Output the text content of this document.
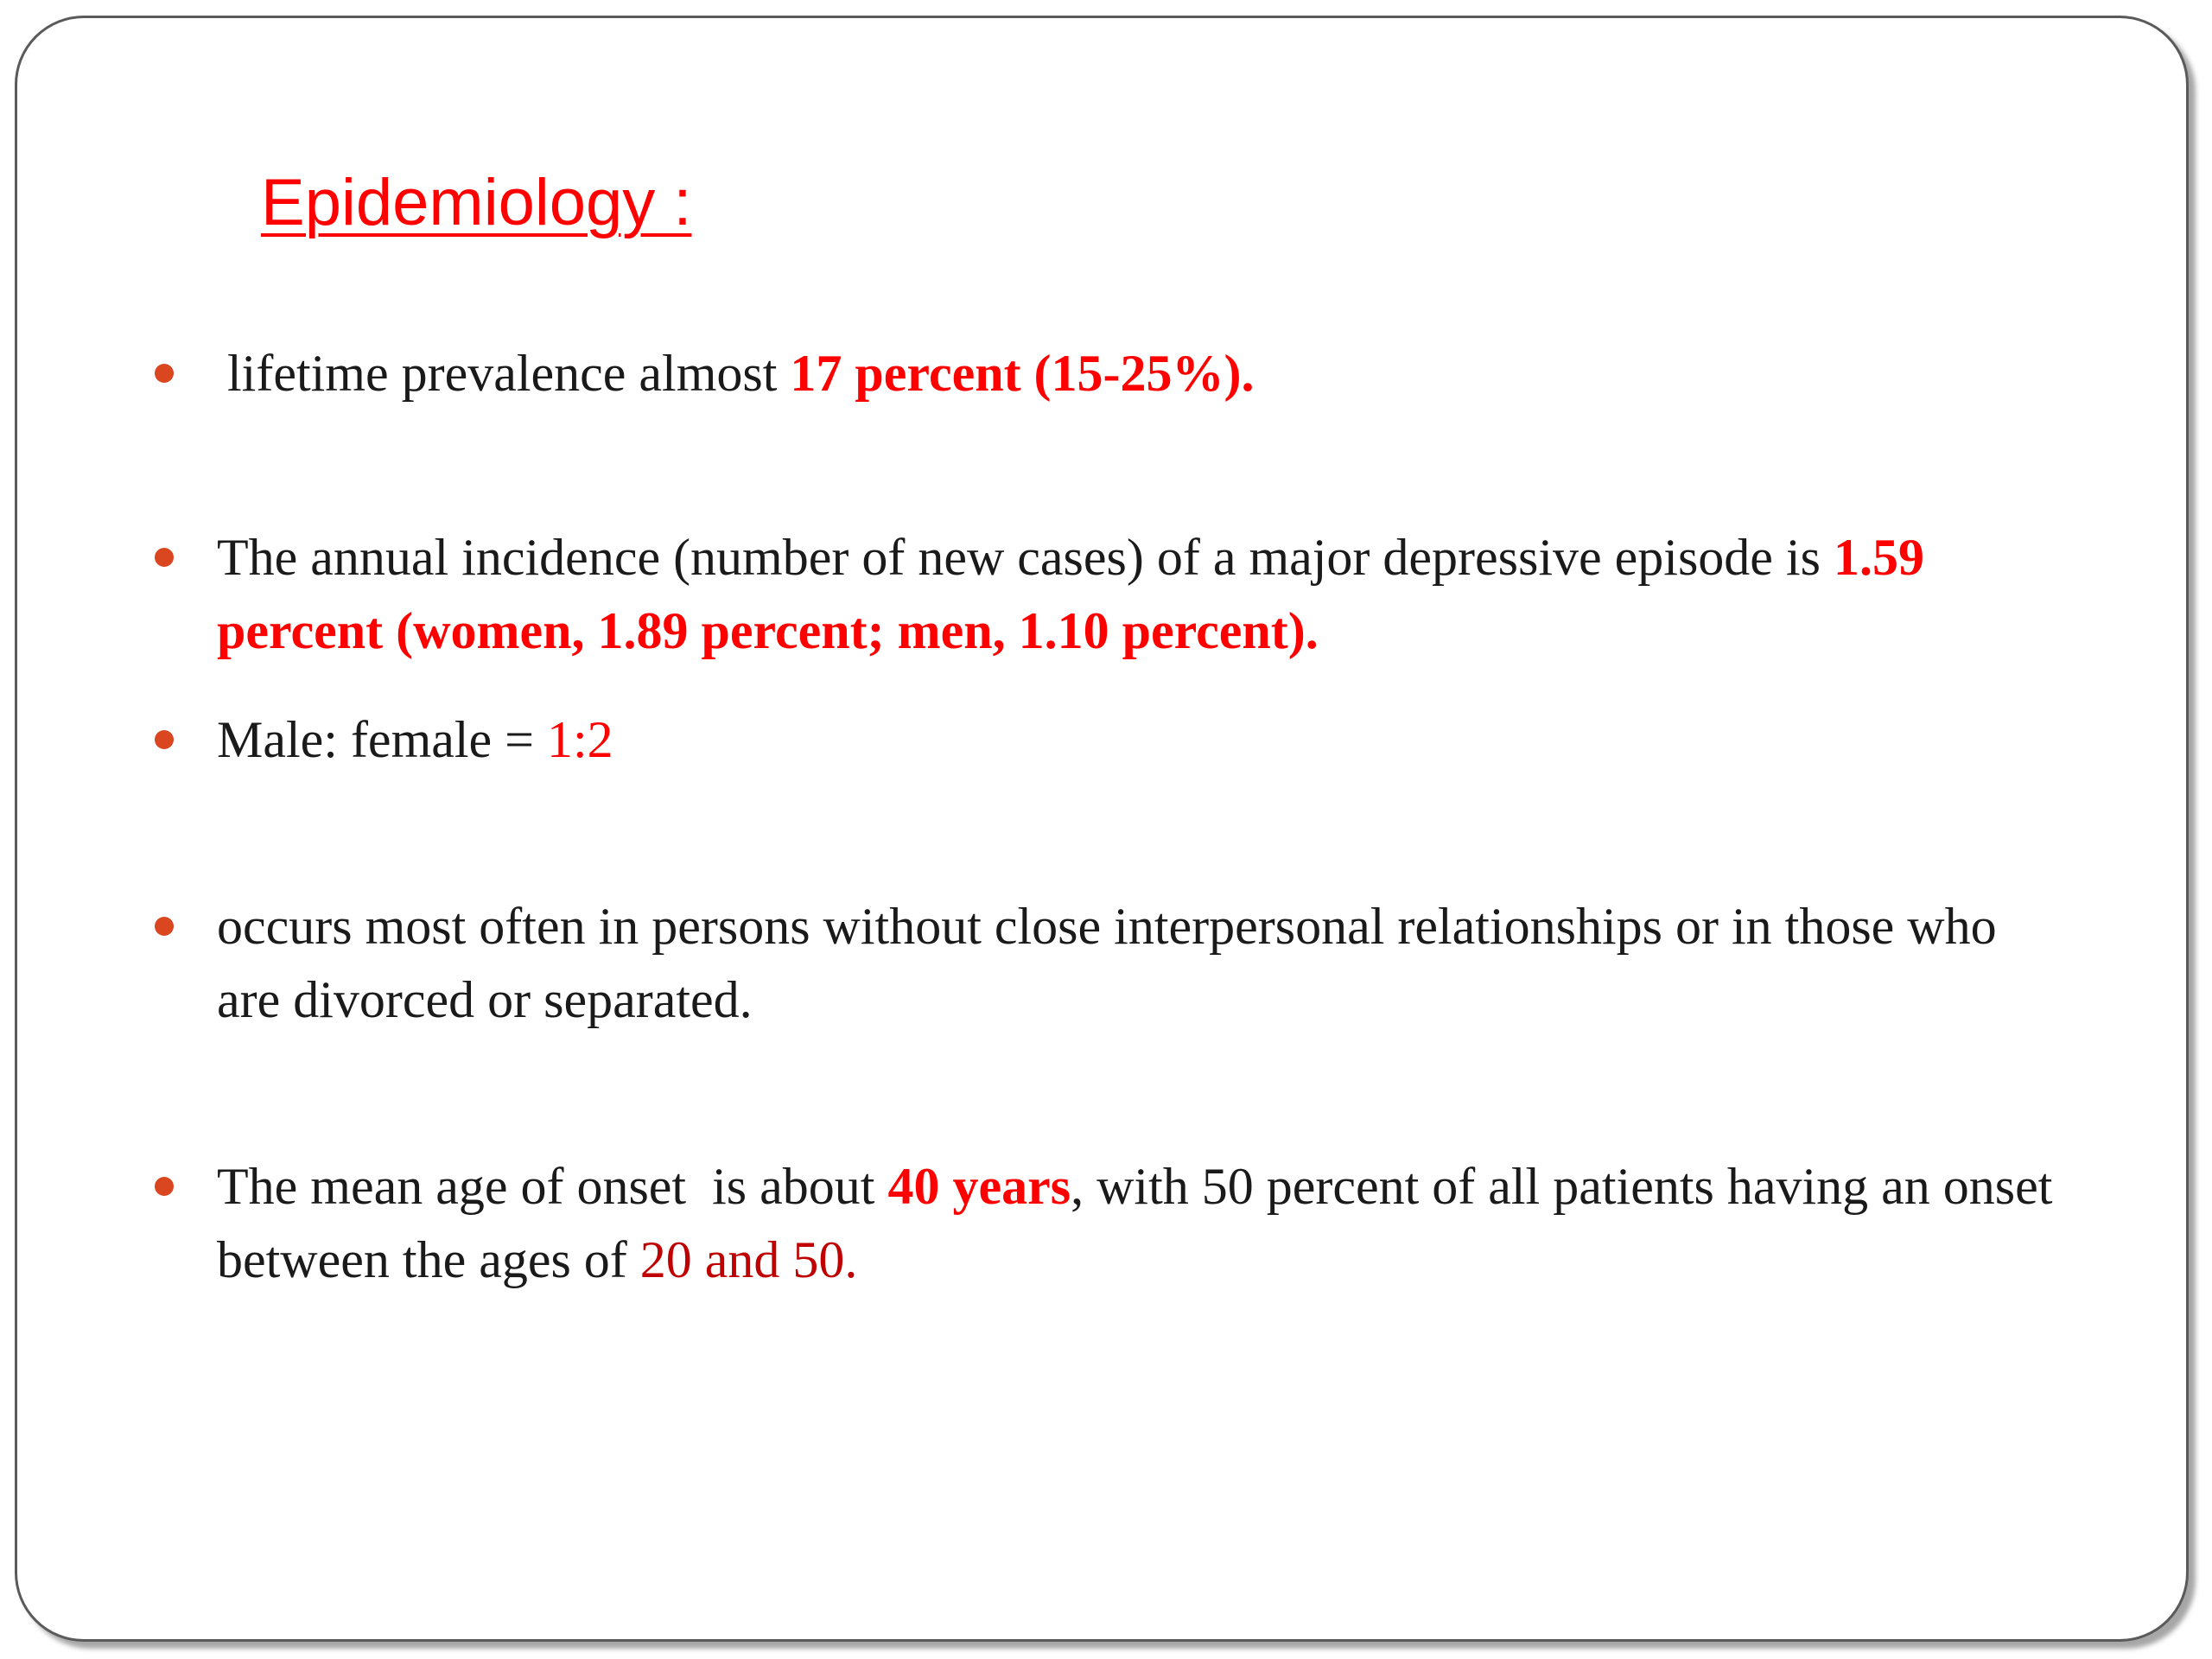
Epidemiology :
lifetime prevalence almost 17 percent (15-25%).
The annual incidence (number of new cases) of a major depressive episode is 1.59 percent (women, 1.89 percent; men, 1.10 percent).
Male: female = 1:2
occurs most often in persons without close interpersonal relationships or in those who are divorced or separated.
The mean age of onset  is about 40 years, with 50 percent of all patients having an onset between the ages of 20 and 50.
